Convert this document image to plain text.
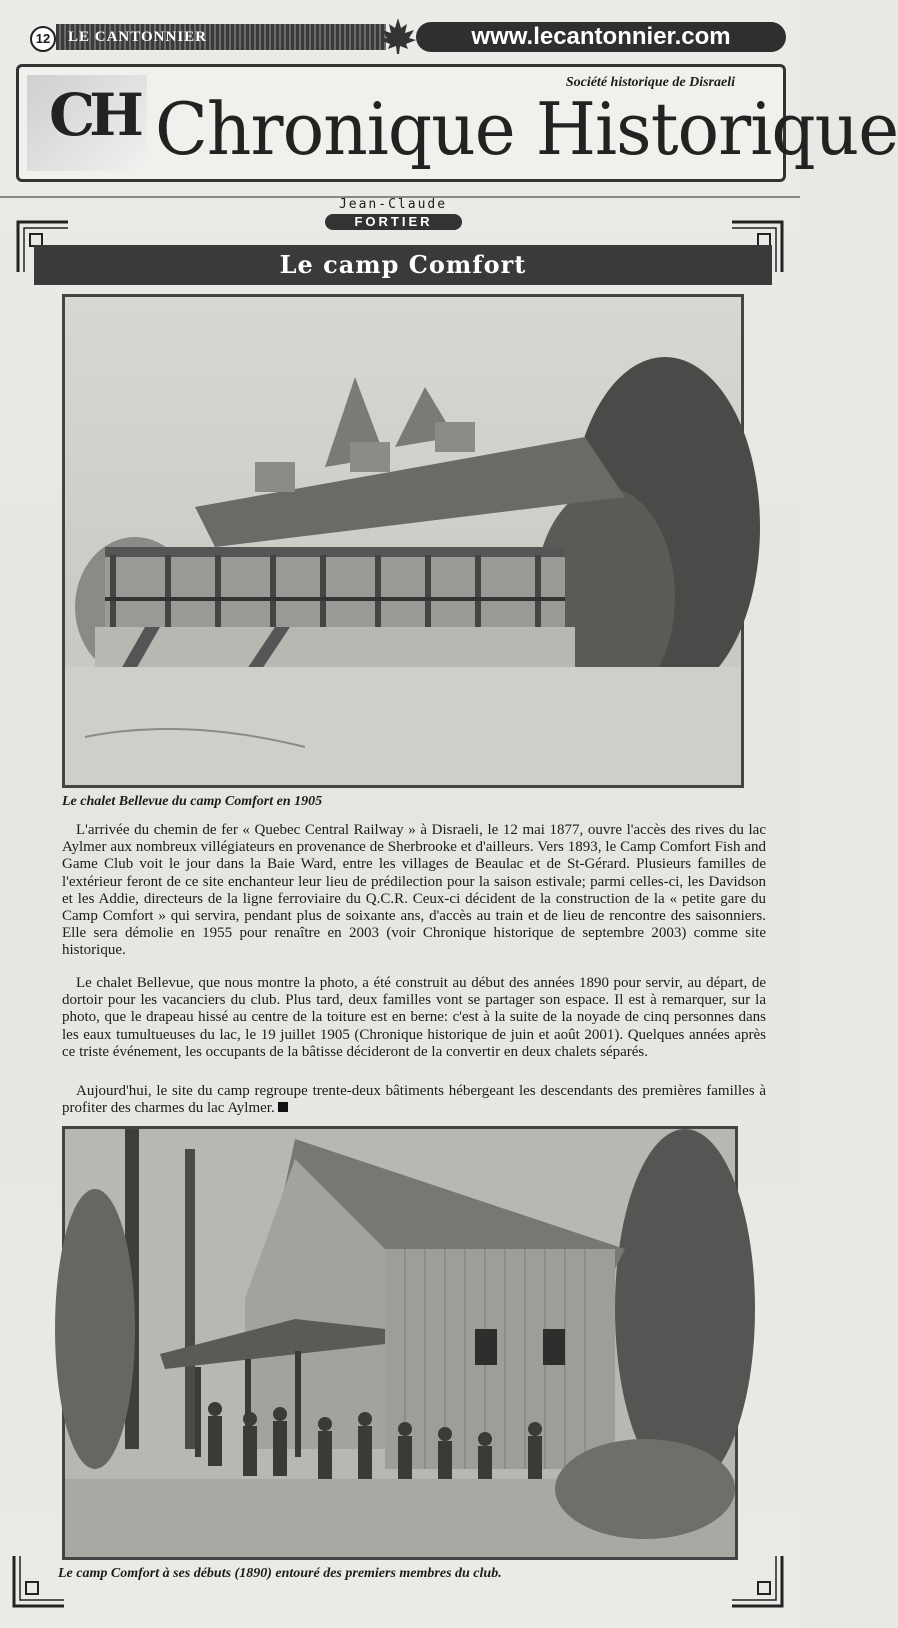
12	LE CANTONNIER	www.lecantonnier.com
CH	Société historique de Disraeli
Chronique Historique
Jean-Claude
FORTIER
Le camp Comfort
Le chalet Bellevue du camp Comfort en 1905

L'arrivée du chemin de fer « Quebec Central Railway » à Disraeli, le 12 mai 1877, ouvre l'accès des rives du lac Aylmer aux nombreux villégiateurs en provenance de Sherbrooke et d'ailleurs. Vers 1893, le Camp Comfort Fish and Game Club voit le jour dans la Baie Ward, entre les villages de Beaulac et de St-Gérard. Plusieurs familles de l'extérieur feront de ce site enchanteur leur lieu de prédilection pour la saison estivale; parmi celles-ci, les Davidson et les Addie, directeurs de la ligne ferroviaire du Q.C.R. Ceux-ci décident de la construction de la « petite gare du Camp Comfort » qui servira, pendant plus de soixante ans, d'accès au train et de lieu de rencontre des saisonniers. Elle sera démolie en 1955 pour renaître en 2003 (voir Chronique historique de septembre 2003) comme site historique.

Le chalet Bellevue, que nous montre la photo, a été construit au début des années 1890 pour servir, au départ, de dortoir pour les vacanciers du club. Plus tard, deux familles vont se partager son espace. Il est à remarquer, sur la photo, que le drapeau hissé au centre de la toiture est en berne: c'est à la suite de la noyade de cinq personnes dans les eaux tumultueuses du lac, le 19 juillet 1905 (Chronique historique de juin et août 2001). Quelques années après ce triste événement, les occupants de la bâtisse décideront de la convertir en deux chalets séparés.

Aujourd'hui, le site du camp regroupe trente-deux bâtiments hébergeant les descendants des premières familles à profiter des charmes du lac Aylmer.

Le camp Comfort à ses débuts (1890) entouré des premiers membres du club.
